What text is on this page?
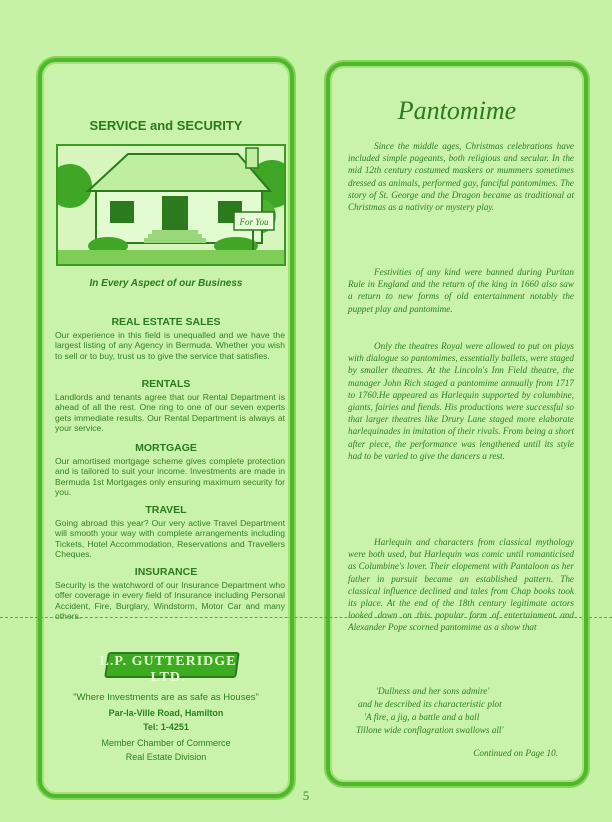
SERVICE and SECURITY
For You
In Every Aspect of our Business
REAL ESTATE SALES
Our experience in this field is unequalled and we have the largest listing of any Agency in Bermuda. Whether you wish to sell or to buy, trust us to give the service that satisfies.
RENTALS
Landlords and tenants agree that our Rental Department is ahead of all the rest. One ring to one of our seven experts gets immediate results. Our Rental Department is always at your service.
MORTGAGE
Our amortised mortgage scheme gives complete protection and is tailored to suit your income. Investments are made in Bermuda 1st Mortgages only ensuring maximum security for you.
TRAVEL
Going abroad this year? Our very active Travel Department will smooth your way with complete arrangements including Tickets, Hotel Accommodation, Reservations and Travellers Cheques.
INSURANCE
Security is the watchword of our Insurance Department who offer coverage in every field of Insurance including Personal Accident, Fire, Burglary, Windstorm, Motor Car and many others.
L.P. GUTTERIDGE LTD.
"Where Investments are as safe as Houses"
Par-la-Ville Road, Hamilton
Tel: 1-4251
Member Chamber of Commerce
Real Estate Division
Pantomime
Since the middle ages, Christmas celebrations have included simple pageants, both religious and secular. In the mid 12th century costumed maskers or mummers sometimes dressed as animals, performed gay, fanciful pantomimes. The story of St. George and the Dragon became as traditional at Christmas as a nativity or mystery play.
Festivities of any kind were banned during Puritan Rule in England and the return of the king in 1660 also saw a return to new forms of old entertainment notably the puppet play and pantomime.
Only the theatres Royal were allowed to put on plays with dialogue so pantomimes, essentially ballets, were staged by smaller theatres. At the Lincoln's Inn Field theatre, the manager John Rich staged a pantomime annually from 1717 to 1760.He appeared as Harlequin supported by columbine, giants, fairies and fiends. His productions were successful so that larger theatres like Drury Lane staged more elaborate harlequinades in imitation of their rivals. From being a short after piece, the performance was lengthened until its style had to be varied to give the dancers a rest.
Harlequin and characters from classical mythology were both used, but Harlequin was comic until romanticised as Columbine's lover. Their elopement with Pantaloon as her father in pursuit became an established pattern. The classical influence declined and tales from Chap books took its place. At the end of the 18th century legitimate actors looked down on this popular form of entertainment and Alexander Pope scorned pantomime as a show that
'Dullness and her sons admire'
and he described its characteristic plot
'A fire, a jig, a battle and a ball
Tillone wide conflagration swallows all'
Continued on Page 10.
5
